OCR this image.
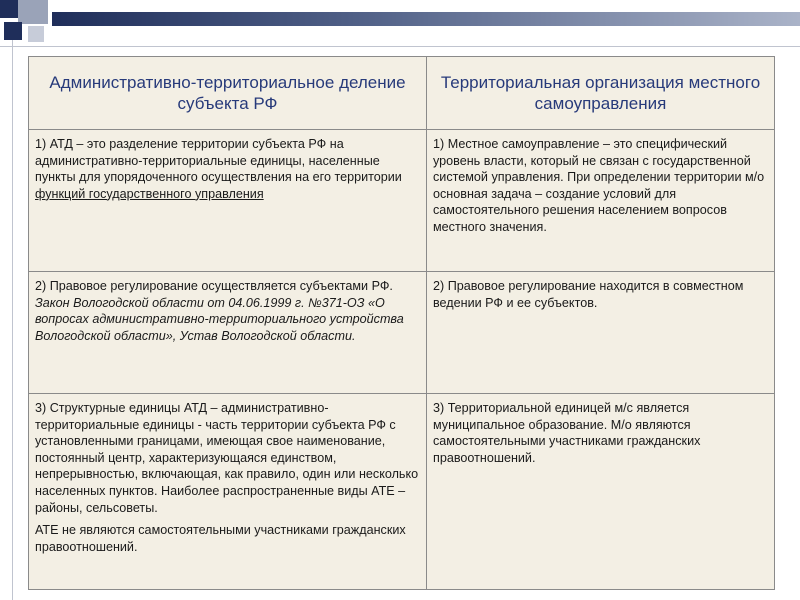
Административно-территориальное деление субъекта РФ	Территориальная организация местного самоуправления
1) АТД – это разделение территории субъекта РФ на административно-территориальные единицы, населенные пункты для упорядоченного осуществления на его территории функций государственного управления	1) Местное самоуправление – это специфический уровень власти, который не связан с государственной системой управления. При определении территории м/о основная задача – создание условий для самостоятельного решения населением вопросов местного значения.
2) Правовое регулирование осуществляется субъектами РФ. Закон Вологодской области от 04.06.1999 г. №371-ОЗ «О вопросах административно-территориального устройства Вологодской области», Устав Вологодской области.	2) Правовое регулирование находится в совместном ведении РФ и ее субъектов.

3) Структурные единицы АТД – административно-территориальные единицы - часть территории субъекта РФ с установленными границами, имеющая свое наименование, постоянный центр, характеризующаяся единством, непрерывностью, включающая, как правило, один или несколько населенных пунктов. Наиболее распространенные виды АТЕ – районы, сельсоветы.

АТЕ не являются самостоятельными участниками гражданских правоотношений.	3) Территориальной единицей м/с является муниципальное образование. М/о являются самостоятельными участниками гражданских правоотношений.
